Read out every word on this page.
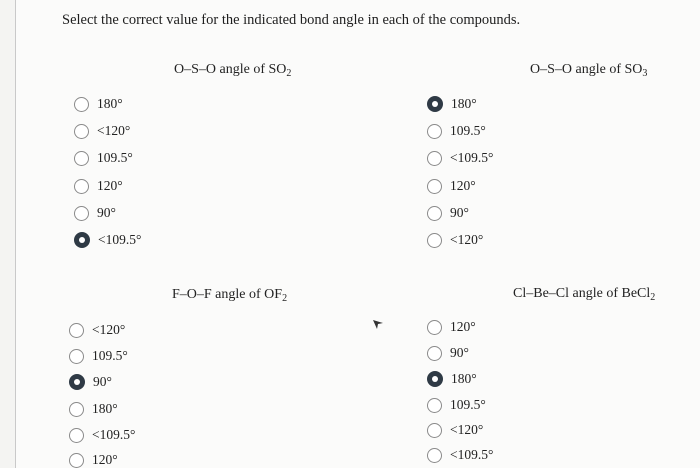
Select the correct value for the indicated bond angle in each of the compounds.
O–S–O angle of $SO_2$
180°
<120°
109.5°
120°
90°
<109.5°
O–S–O angle of $SO_3$
180°
109.5°
<109.5°
120°
90°
<120°
F–O–F angle of $OF_2$
<120°
109.5°
90°
180°
<109.5°
120°
Cl–Be–Cl angle of BeCl$_2$
120°
90°
180°
109.5°
<120°
<109.5°
